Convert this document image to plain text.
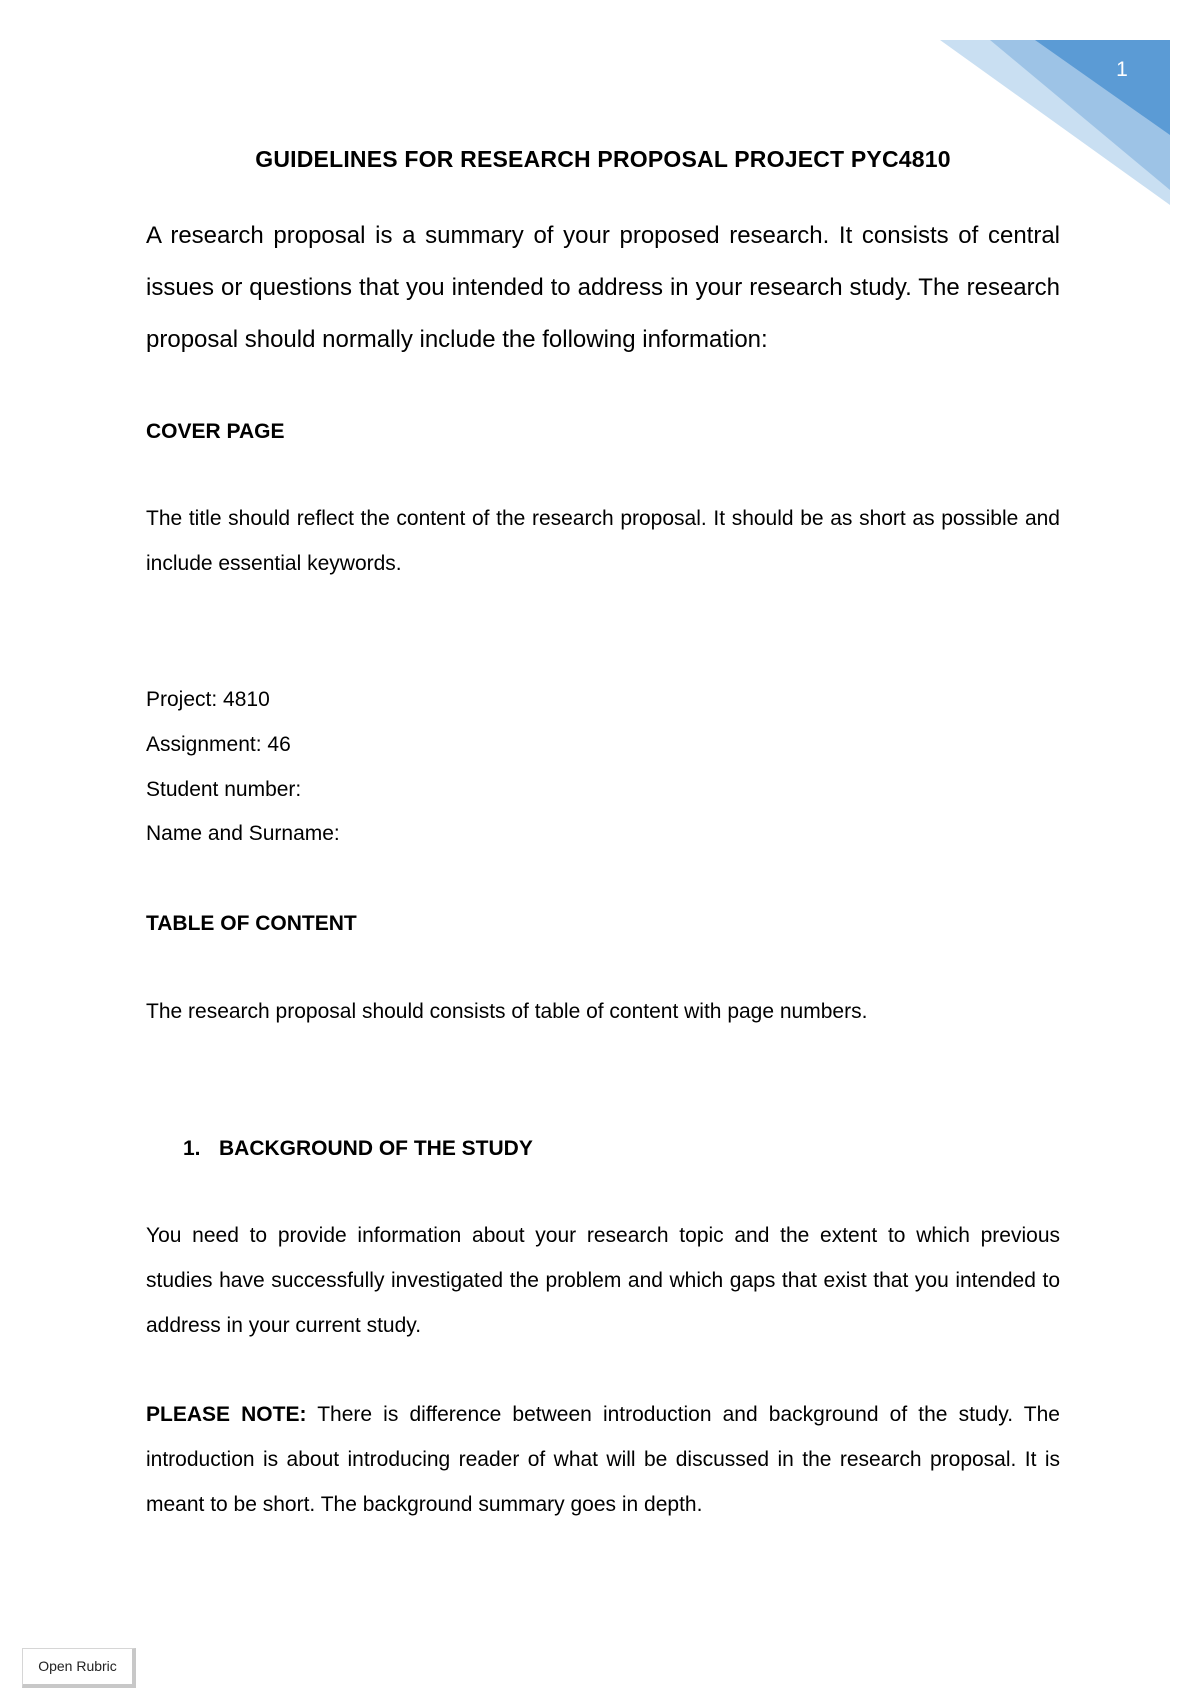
1
GUIDELINES FOR RESEARCH PROPOSAL PROJECT PYC4810
A research proposal is a summary of your proposed research. It consists of central issues or questions that you intended to address in your research study. The research proposal should normally include the following information:
COVER PAGE
The title should reflect the content of the research proposal. It should be as short as possible and include essential keywords.
Project: 4810
Assignment: 46
Student number:
Name and Surname:
TABLE OF CONTENT
The research proposal should consists of table of content with page numbers.
1. BACKGROUND OF THE STUDY
You need to provide information about your research topic and the extent to which previous studies have successfully investigated the problem and which gaps that exist that you intended to address in your current study.
PLEASE NOTE: There is difference between introduction and background of the study. The introduction is about introducing reader of what will be discussed in the research proposal. It is meant to be short. The background summary goes in depth.
Open Rubric
